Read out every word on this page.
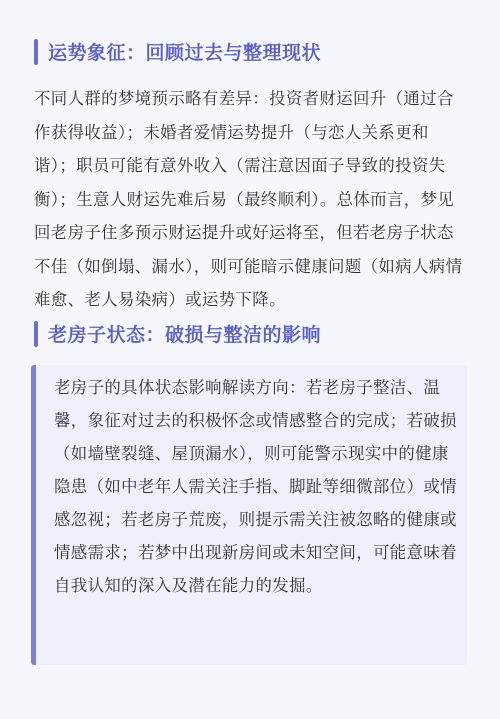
运势象征：回顾过去与整理现状

不同人群的梦境预示略有差异：投资者财运回升（通过合作获得收益）；未婚者爱情运势提升（与恋人关系更和谐）；职员可能有意外收入（需注意因面子导致的投资失衡）；生意人财运先难后易（最终顺利）。总体而言，梦见回老房子住多预示财运提升或好运将至，但若老房子状态不佳（如倒塌、漏水），则可能暗示健康问题（如病人病情难愈、老人易染病）或运势下降。

老房子状态：破损与整洁的影响

老房子的具体状态影响解读方向：若老房子整洁、温馨，象征对过去的积极怀念或情感整合的完成；若破损（如墙壁裂缝、屋顶漏水），则可能警示现实中的健康隐患（如中老年人需关注手指、脚趾等细微部位）或情感忽视；若老房子荒废，则提示需关注被忽略的健康或情感需求；若梦中出现新房间或未知空间，可能意味着自我认知的深入及潜在能力的发掘。
